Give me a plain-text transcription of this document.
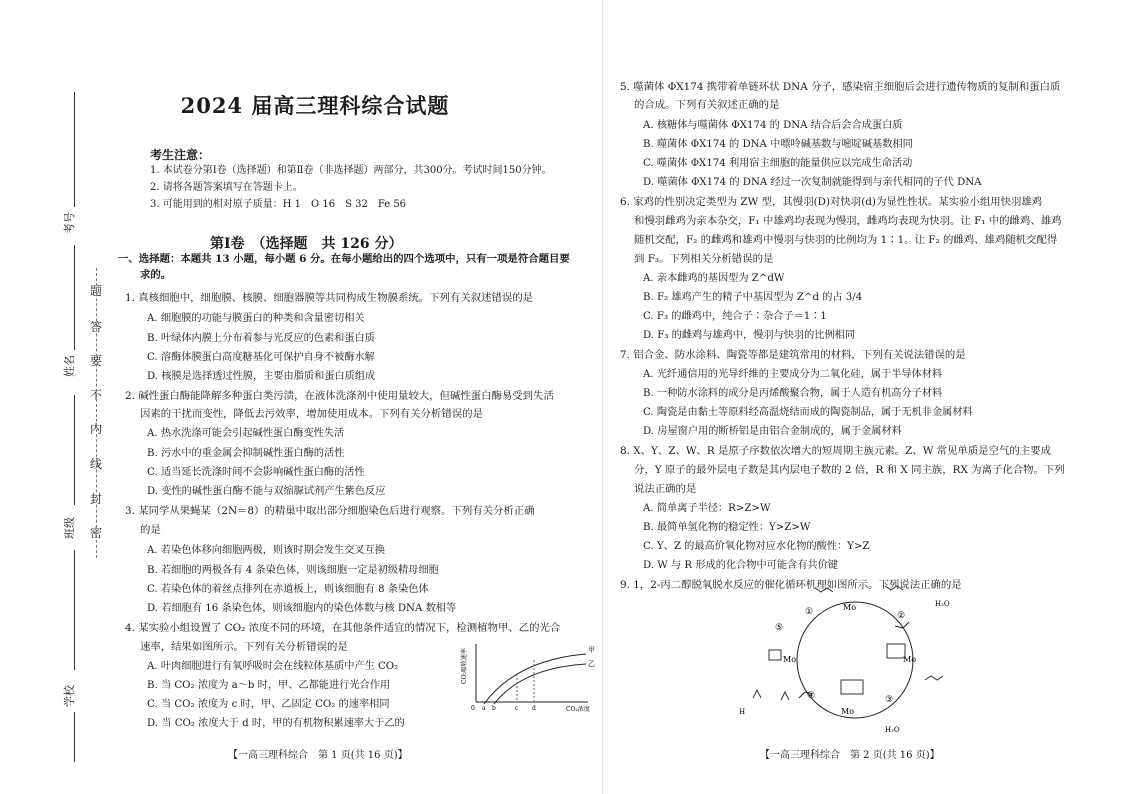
考号
姓名
班级
学校
题
答
要
不
内
线
封
密
2024 届高三理科综合试题
考生注意：
1. 本试卷分第Ⅰ卷（选择题）和第Ⅱ卷（非选择题）两部分，共300分。考试时间150分钟。
2. 请将各题答案填写在答题卡上。
3. 可能用到的相对原子质量：H 1　O 16　S 32　Fe 56
第Ⅰ卷　（选择题　共 126 分）
一、选择题：本题共 13 小题，每小题 6 分。在每小题给出的四个选项中，只有一项是符合题目要
求的。
1. 真核细胞中，细胞膜、核膜、细胞器膜等共同构成生物膜系统。下列有关叙述错误的是
A. 细胞膜的功能与膜蛋白的种类和含量密切相关
B. 叶绿体内膜上分布着参与光反应的色素和蛋白质
C. 溶酶体膜蛋白高度糖基化可保护自身不被酶水解
D. 核膜是选择透过性膜，主要由脂质和蛋白质组成
2. 碱性蛋白酶能降解多种蛋白类污渍，在液体洗涤剂中使用量较大，但碱性蛋白酶易受到失活
因素的干扰而变性，降低去污效率，增加使用成本。下列有关分析错误的是
A. 热水洗涤可能会引起碱性蛋白酶变性失活
B. 污水中的重金属会抑制碱性蛋白酶的活性
C. 适当延长洗涤时间不会影响碱性蛋白酶的活性
D. 变性的碱性蛋白酶不能与双缩脲试剂产生紫色反应
3. 某同学从果蝇某（2N＝8）的精巢中取出部分细胞染色后进行观察。下列有关分析正确
的是
A. 若染色体移向细胞两极，则该时期会发生交叉互换
B. 若细胞的两极各有 4 条染色体，则该细胞一定是初级精母细胞
C. 若染色体的着丝点排列在赤道板上，则该细胞有 8 条染色体
D. 若细胞有 16 条染色体，则该细胞内的染色体数与核 DNA 数相等
4. 某实验小组设置了 CO₂ 浓度不同的环境，在其他条件适宜的情况下，检测植物甲、乙的光合
速率，结果如图所示。下列有关分析错误的是
A. 叶肉细胞进行有氧呼吸时会在线粒体基质中产生 CO₂
B. 当 CO₂ 浓度为 a～b 时，甲、乙都能进行光合作用
C. 当 CO₂ 浓度为 c 时，甲、乙固定 CO₂ 的速率相同
D. 当 CO₂ 浓度大于 d 时，甲的有机物积累速率大于乙的
CO₂吸收速率
CO₂浓度
0 a b	c d
甲
乙
【一高三理科综合　第 1 页(共 16 页)】
5. 噬菌体 ΦX174 携带着单链环状 DNA 分子，感染宿主细胞后会进行遗传物质的复制和蛋白质
的合成。下列有关叙述正确的是
A. 核糖体与噬菌体 ΦX174 的 DNA 结合后会合成蛋白质
B. 噬菌体 ΦX174 的 DNA 中嘌呤碱基数与嘧啶碱基数相同
C. 噬菌体 ΦX174 利用宿主细胞的能量供应以完成生命活动
D. 噬菌体 ΦX174 的 DNA 经过一次复制就能得到与亲代相同的子代 DNA
6. 家鸡的性别决定类型为 ZW 型，其慢羽(D)对快羽(d)为显性性状。某实验小组用快羽雄鸡
和慢羽雌鸡为亲本杂交，F₁ 中雄鸡均表现为慢羽，雌鸡均表现为快羽。让 F₁ 中的雌鸡、雄鸡
随机交配，F₂ 的雌鸡和雄鸡中慢羽与快羽的比例均为 1∶1。让 F₂ 的雌鸡、雄鸡随机交配得
到 F₃。下列相关分析错误的是
A. 亲本雌鸡的基因型为 Z^dW
B. F₂ 雄鸡产生的精子中基因型为 Z^d 的占 3/4
C. F₃ 的雌鸡中，纯合子∶杂合子＝1∶1
D. F₃ 的雌鸡与雄鸡中，慢羽与快羽的比例相同
7. 铝合金、防水涂料、陶瓷等都是建筑常用的材料，下列有关说法错误的是
A. 光纤通信用的光导纤维的主要成分为二氧化硅，属于半导体材料
B. 一种防水涂料的成分是丙烯酸聚合物，属于人造有机高分子材料
C. 陶瓷是由黏土等原料经高温烧结而成的陶瓷制品，属于无机非金属材料
D. 房屋窗户用的断桥铝是由铝合金制成的，属于金属材料
8. X、Y、Z、W、R 是原子序数依次增大的短周期主族元素。Z、W 常见单质是空气的主要成
分，Y 原子的最外层电子数是其内层电子数的 2 倍，R 和 X 同主族，RX 为离子化合物。下列
说法正确的是
A. 简单离子半径：R>Z>W
B. 最简单氢化物的稳定性：Y>Z>W
C. Y、Z 的最高价氧化物对应水化物的酸性：Y>Z
D. W 与 R 形成的化合物中可能含有共价键
9. 1，2-丙二醇脱氧脱水反应的催化循环机理如图所示。下列说法正确的是
Mo
Mo
Mo
Mo
①	②
③
④
⑤
H₂O
H₂O
H
【一高三理科综合　第 2 页(共 16 页)】
